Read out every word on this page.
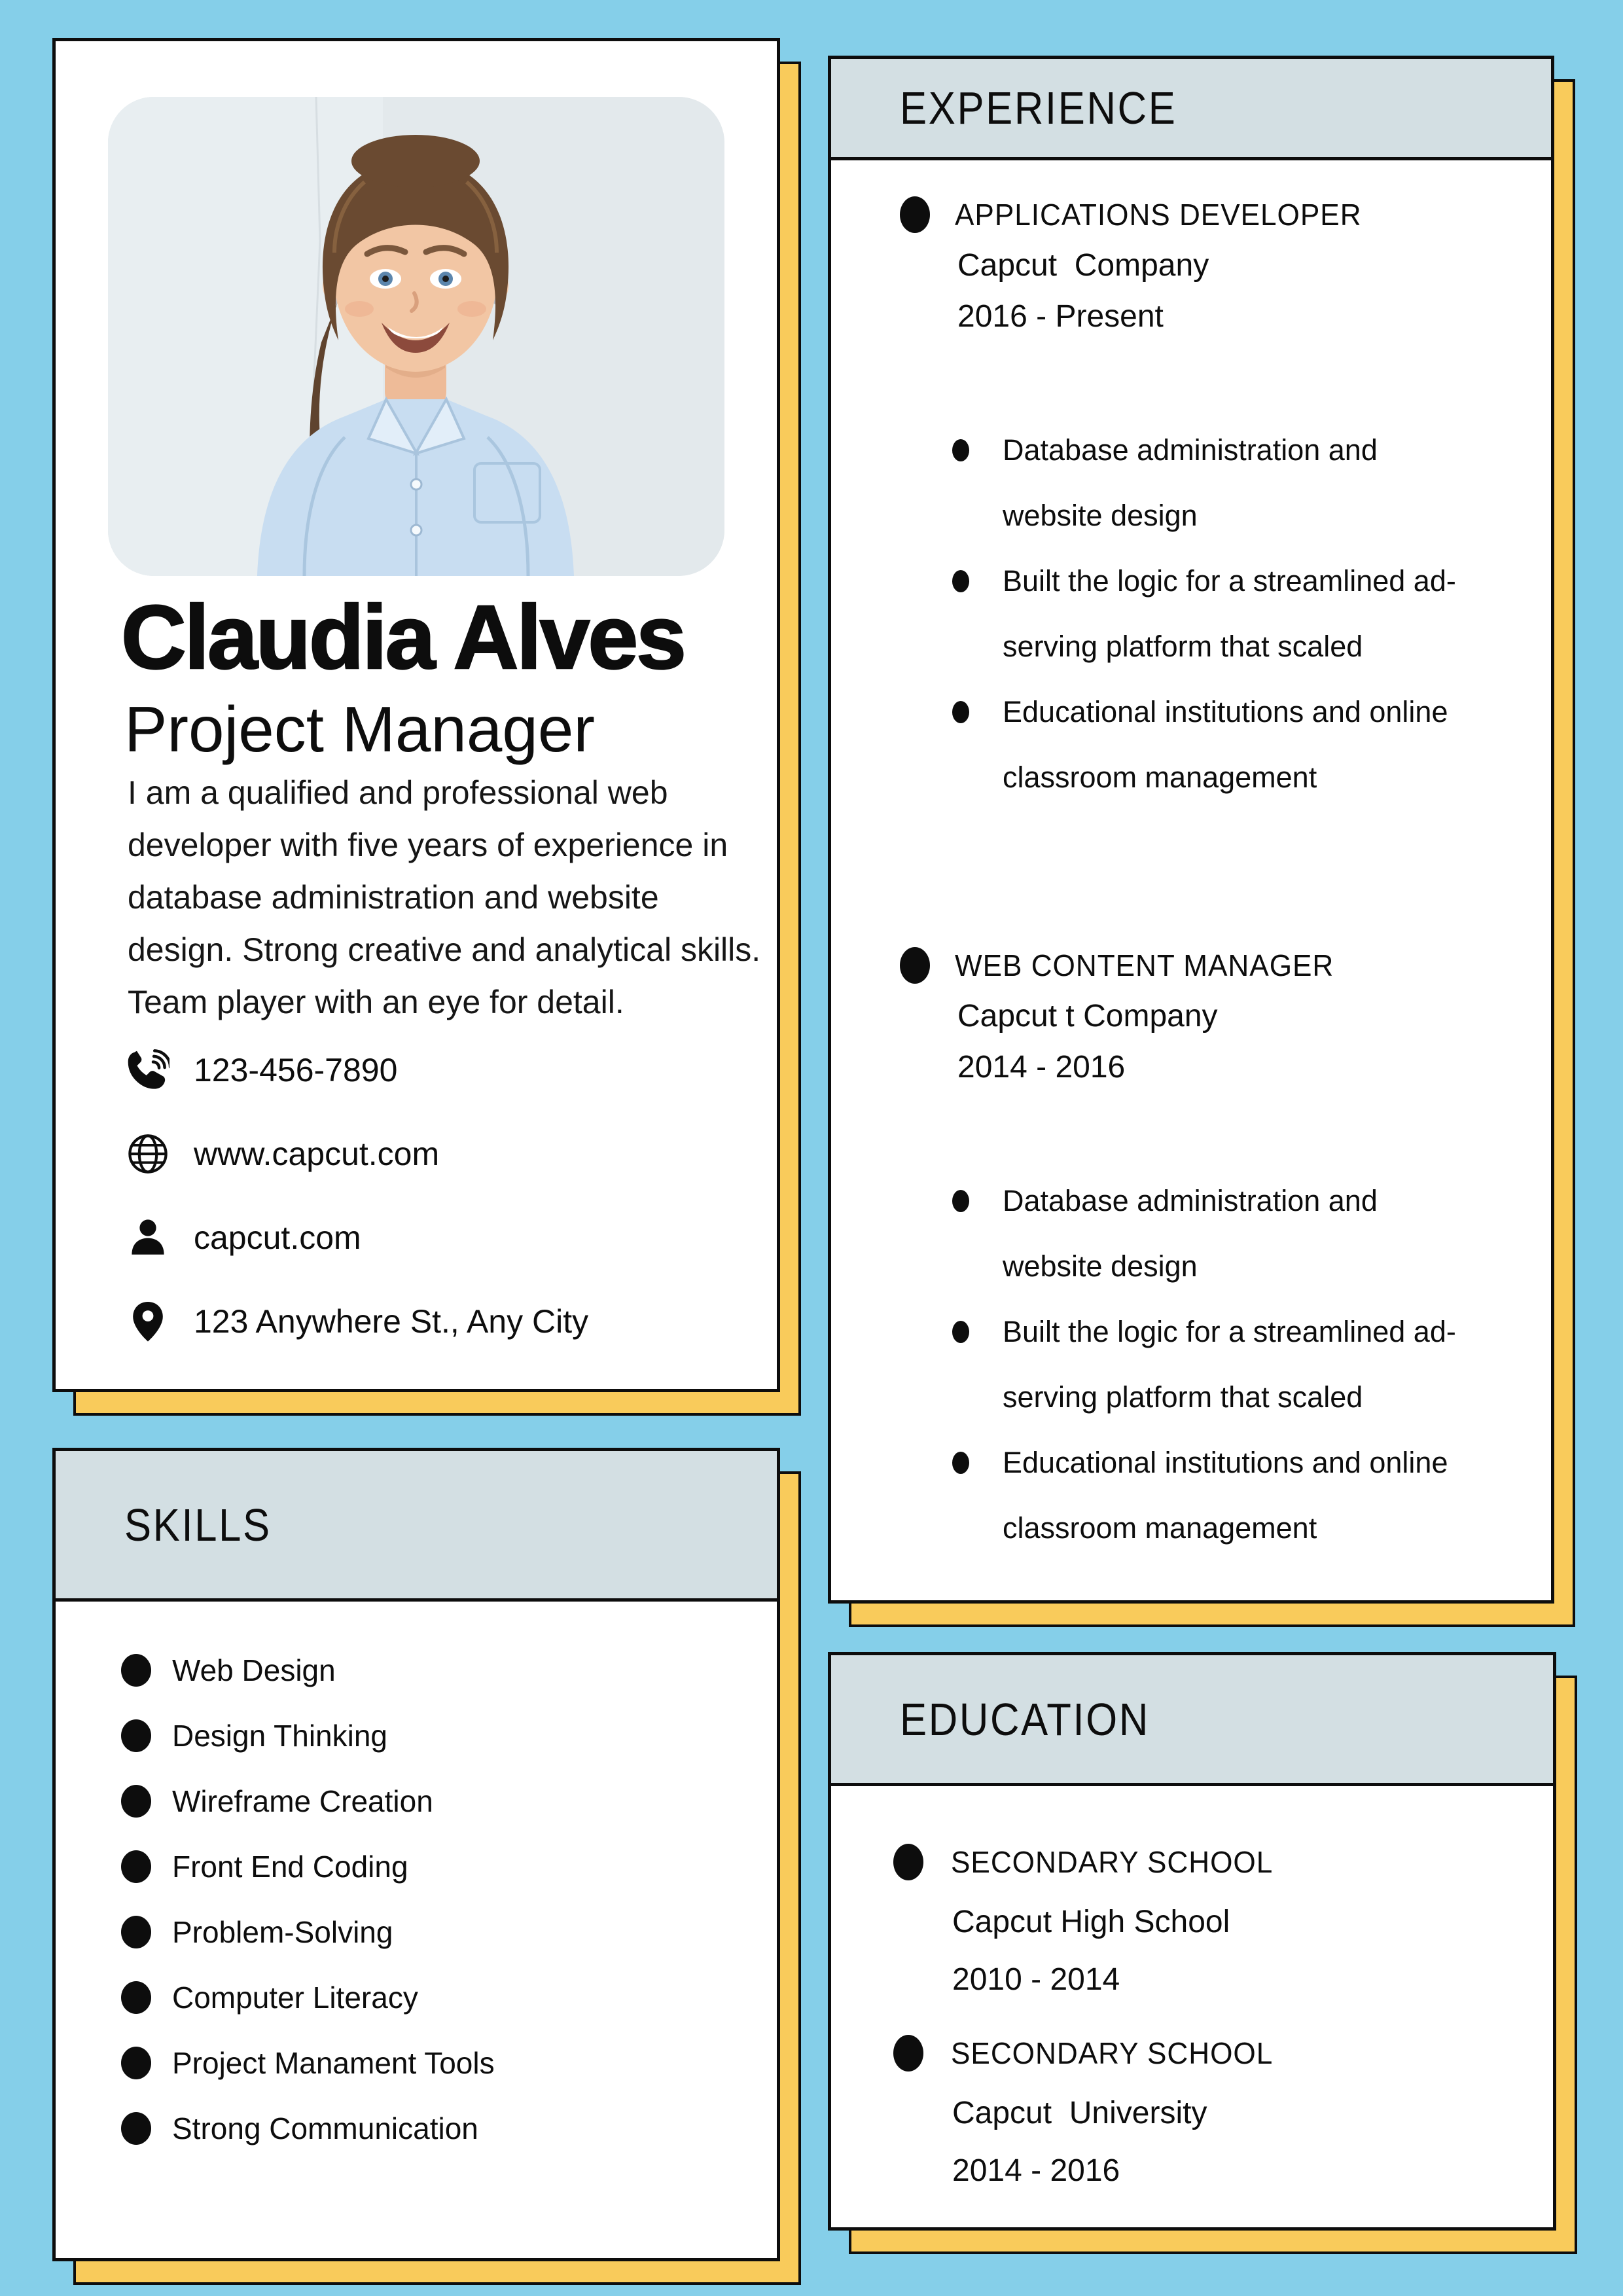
Claudia Alves
Project Manager
I am a qualified and professional web
developer with five years of experience in
database administration and website
design. Strong creative and analytical skills.
Team player with an eye for detail.
123-456-7890
www.capcut.com
capcut.com
123 Anywhere St., Any City
SKILLS
Web Design
Design Thinking
Wireframe Creation
Front End Coding
Problem-Solving
Computer Literacy
Project Manament Tools
Strong Communication
EXPERIENCE
APPLICATIONS DEVELOPER
Capcut  Company
2016 - Present
Database administration and
website design
Built the logic for a streamlined ad-
serving platform that scaled
Educational institutions and online
classroom management
WEB CONTENT MANAGER
Capcut t Company
2014 - 2016
Database administration and
website design
Built the logic for a streamlined ad-
serving platform that scaled
Educational institutions and online
classroom management
EDUCATION
SECONDARY SCHOOL
Capcut High School
2010 - 2014
SECONDARY SCHOOL
Capcut  University
2014 - 2016
